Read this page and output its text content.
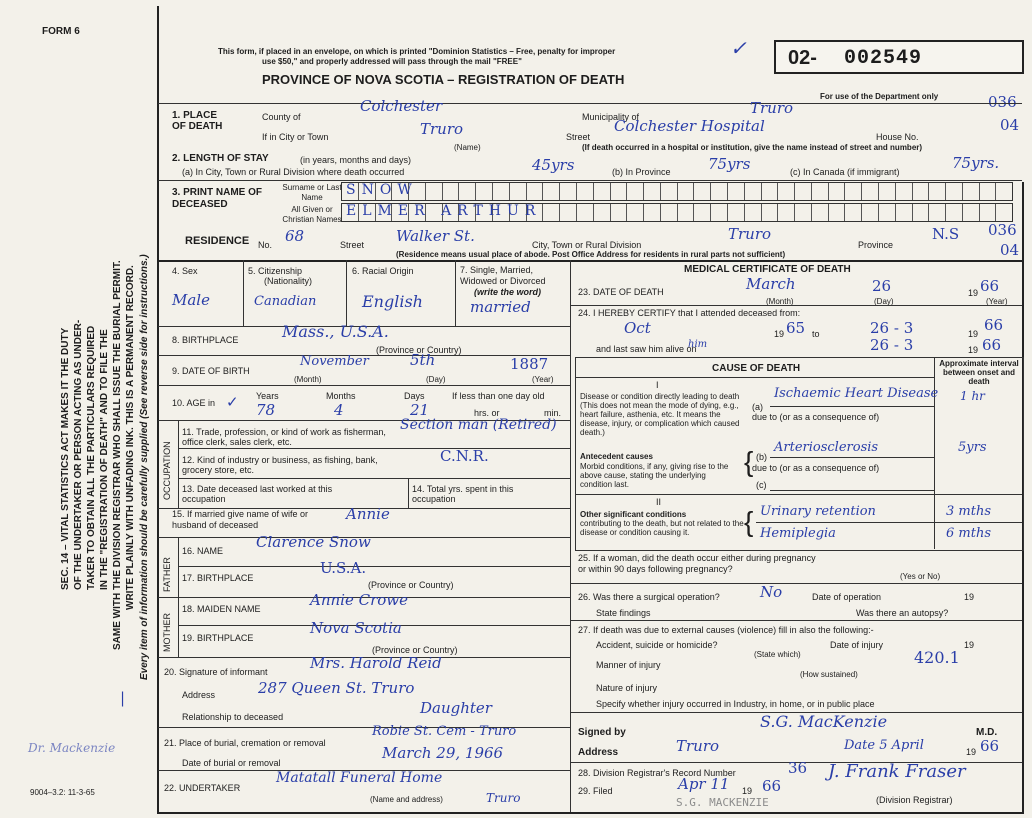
FORM 6
This form, if placed in an envelope, on which is printed "Dominion Statistics – Free, penalty for improper
use $50," and properly addressed will pass through the mail "FREE"
PROVINCE OF NOVA SCOTIA – REGISTRATION OF DEATH
✓ 02- 002549
For use of the Department only	036
04
SEC. 14 – VITAL STATISTICS ACT MAKES IT THE DUTY OF THE UNDERTAKER OR PERSON ACTING AS UNDER- TAKER TO OBTAIN ALL THE PARTICULARS REQUIRED IN THE "REGISTRATION OF DEATH" AND TO FILE THE SAME WITH THE DIVISION REGISTRAR WHO SHALL ISSUE THE BURIAL PERMIT. WRITE PLAINLY WITH UNFADING INK. THIS IS A PERMANENT RECORD. Every item of information should be carefully supplied (See reverse side for instructions.)
|
Dr. Mackenzie
9004–3.2: 11-3-65
1. PLACE OF DEATH
County of
Colchester
Municipality of	Truro
If in City or Town	Truro
(Name)
Street
Colchester Hospital
House No.
(If death occurred in a hospital or institution, give the name instead of street and number)
2. LENGTH OF STAY	(in years, months and days)
(a) In City, Town or Rural Division where death occurred	45yrs	(b) In Province 75yrs	(c) In Canada (if immigrant)	75yrs.
3. PRINT NAME OF DECEASED
Surname or Last Name	SNOW
All Given or Christian Names
ELMER ARTHUR
RESIDENCE No. 68	Street Walker St.	City, Town or Rural Division
Truro
Province
N.S 036
04
(Residence means usual place of abode. Post Office Address for residents in rural parts not sufficient)
4. Sex
Male
5. Citizenship
(Nationality)
Canadian
6. Racial Origin
English
7. Single, Married, Widowed or Divorced
(write the word)
married
8. BIRTHPLACE	Mass., U.S.A.
(Province or Country)
9. DATE OF BIRTH
November	5th	1887
(Month)	(Day)	(Year)
10. AGE in ✓ Years
78
Months
4
Days
21
If less than one day old
hrs. or	min.
OCCUPATION
11. Trade, profession, or kind of work as fisherman, office clerk, sales clerk, etc.
Section man (Retired)
12. Kind of industry or business, as fishing, bank, grocery store, etc.
C.N.R.
13. Date deceased last worked at this occupation
14. Total yrs. spent in this occupation
15. If married give name of wife or husband of deceased
Annie
FATHER
16. NAME Clarence Snow
17. BIRTHPLACE
U.S.A.
(Province or Country)
MOTHER
18. MAIDEN NAME	Annie Crowe
19. BIRTHPLACE
Nova Scotia
(Province or Country)
20. Signature of informant	Mrs. Harold Reid
Address	287 Queen St. Truro
Relationship to deceased	Daughter
21. Place of burial, cremation or removal
Robie St. Cem - Truro
Date of burial or removal
March 29, 1966
22. UNDERTAKER
Matatall Funeral Home
Truro
(Name and address)
MEDICAL CERTIFICATE OF DEATH
23. DATE OF DEATH	March	26	19 66
(Month)	(Day)	(Year)
24. I HEREBY CERTIFY that I attended deceased from:
Oct	19 65 to	26 - 3	19 66
and last saw him alive on
him	26 - 3	19 66
CAUSE OF DEATH	Approximate interval between onset and death
I
Disease or condition directly leading to death (This does not mean the mode of dying, e.g., heart failure, asthenia, etc. It means the disease, injury, or complication which caused death.)
(a)
Ischaemic Heart Disease 1 hr
due to (or as a consequence of)
Antecedent causes
Morbid conditions, if any, giving rise to the above cause, stating the underlying condition last.
{ (b)
Arteriosclerosis	5yrs
due to (or as a consequence of)
(c)
II
Other significant conditions
contributing to the death, but not related to the disease or condition causing it.	{ Urinary retention	3 mths
Hemiplegia	6 mths
25. If a woman, did the death occur either during pregnancy or within 90 days following pregnancy?
(Yes or No)
26. Was there a surgical operation?	No	Date of operation	19
State findings	Was there an autopsy?
27. If death was due to external causes (violence) fill in also the following:-
Accident, suicide or homicide?
(State which)
Date of injury	19
Manner of injury	420.1
(How sustained)
Nature of injury
Specify whether injury occurred in Industry, in home, or in public place
Signed by
S.G. MacKenzie
M.D.
Address	Truro	Date 5 April	19 66
28. Division Registrar's Record Number	36
29. Filed	Apr 11 19 66
J. Frank Fraser
(Division Registrar)
S.G. MACKENZIE
